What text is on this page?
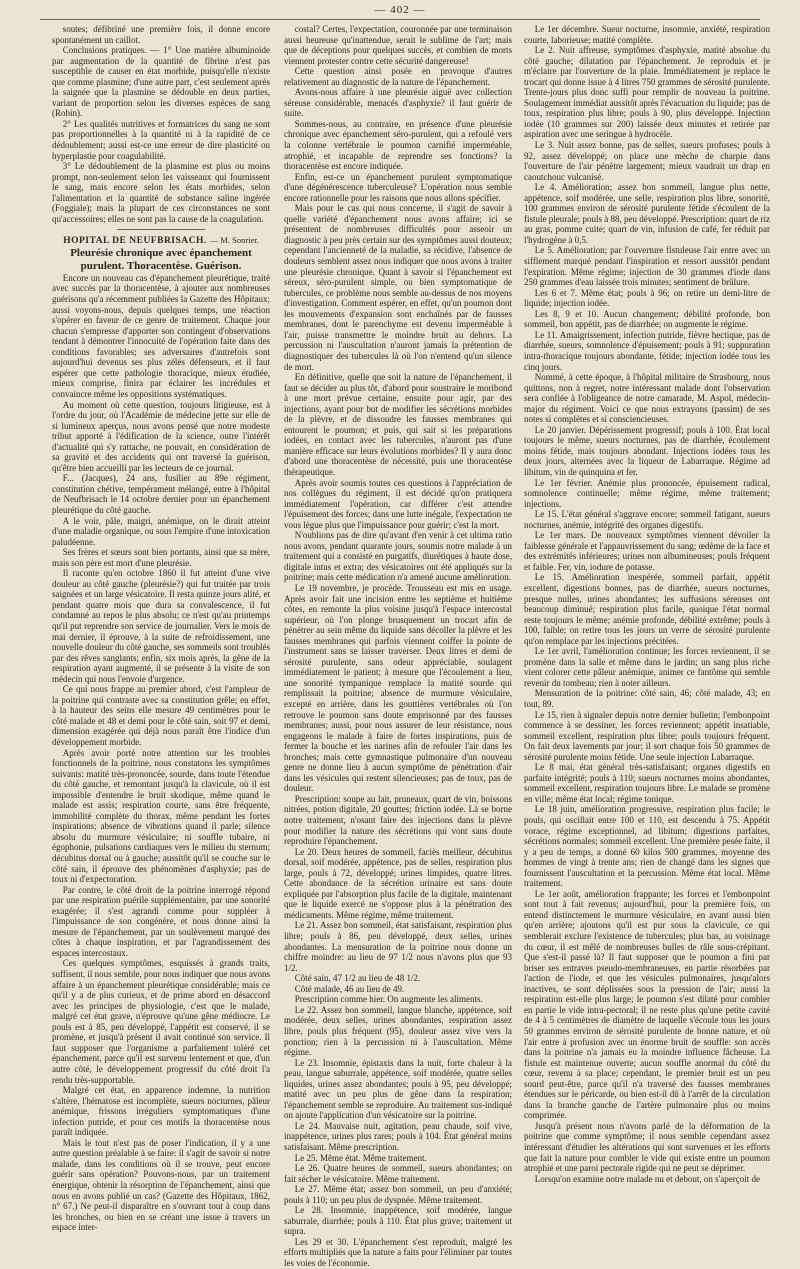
— 402 —

soutes; défibriné une première fois, il donne encore spontanément un caillot.

Conclusions pratiques. — 1° Une matière albuminoïde par augmentation de la quantité de fibrine n'est pas susceptible de causer en état morbide, puisqu'elle n'existe que comme plasmine; d'une autre part, c'est seulement après la saignée que la plasmine se dédouble en deux parties, variant de proportion selon les diverses espèces de sang (Robin).

2° Les qualités nutritives et formatrices du sang ne sont pas proportionnelles à la quantité ni à la rapidité de ce dédoublement; aussi est-ce une erreur de dire plasticité ou hyperplastie pour coagulabilité.

3° Le dédoublement de la plasmine est plus ou moins prompt, non-seulement selon les vaisseaux qui fournissent le sang, mais encore selon les états morbides, selon l'alimentation et la quantité de substance saline ingérée (Foggiale); mais la plupart de ces circonstances ne sont qu'accessoires; elles ne sont pas la cause de la coagulation.

HOPITAL DE NEUFBRISACH. — M. Sonrier.

Pleurésie chronique avec épanchement purulent. Thoracentèse. Guérison.

Encore un nouveau cas d'épanchement pleurétique, traité avec succès par la thoracentèse, à ajouter aux nombreuses guérisons qu'a récemment publiées la Gazette des Hôpitaux; aussi voyons-nous, depuis quelques temps, une réaction s'opérer en faveur de ce genre de traitement. Chaque jour chacun s'empresse d'apporter son contingent d'observations tendant à démontrer l'innocuité de l'opération faite dans des conditions favorables; ses adversaires d'autrefois sont aujourd'hui devenus ses plus zélés défenseurs, et il faut espérer que cette pathologie thoracique, mieux étudiée, mieux comprise, finira par éclairer les incrédules et convaincre même les oppositions systématiques.

Au moment où cette question, toujours litigieuse, est à l'ordre du jour, où l'Académie de médecine jette sur elle de si lumineux aperçus, nous avons pensé que notre modeste tribut apporté à l'édification de la science, outre l'intérêt d'actualité qui s'y rattache, ne pouvait, en considération de sa gravité et des accidents qui ont traversé la guérison, qu'être bien accueilli par les lecteurs de ce journal.

F... (Jacques), 24 ans, fusilier au 89e régiment, constitution chétive, tempérament mélangé, entre à l'hôpital de Neufbrisach le 14 octobre dernier pour un épanchement pleurétique du côté gauche.

A le voir, pâle, maigri, anémique, on le dirait atteint d'une maladie organique, ou sous l'empire d'une intoxication paludéenne.

Ses frères et sœurs sont bien portants, ainsi que sa mère, mais son père est mort d'une pleurésie.

Il raconte qu'en octobre 1860 il fut atteint d'une vive douleur au côté gauche (pleurésie?) qui fut traitée par trois saignées et un large vésicatoire. Il resta quinze jours alité, et pendant quatre mois que dura sa convalescence, il fut condamné au repos le plus absolu; ce n'est qu'au printemps qu'il put reprendre son service de journalier. Vers le mois de mai dernier, il éprouve, à la suite de refroidissement, une nouvelle douleur du côté gauche, ses sommeils sont troublés par des rêves sanglants; enfin, six mois après, la gêne de la respiration ayant augmenté, il se présente à la visite de son médecin qui nous l'envoie d'urgence.

Ce qui nous frappe au premier abord, c'est l'ampleur de la poitrine qui contraste avec sa constitution grêle; en effet, à la hauteur des seins elle mesure 49 centimètres pour le côté malade et 48 et demi pour le côté sain, soit 97 et demi, dimension exagérée qui déjà nous paraît être l'indice d'un développement morbide.

Après avoir porté notre attention sur les troubles fonctionnels de la poitrine, nous constatons les symptômes suivants: matité très-prononcée, sourde, dans toute l'étendue du côté gauche, et remontant jusqu'à la clavicule, où il est impossible d'entendre le bruit skodique, même quand le malade est assis; respiration courte, sans être fréquente, immobilité complète du thorax, même pendant les fortes inspirations; absence de vibrations quand il parle; silence absolu du murmure vésiculaire; ni souffle tubaire, ni égophonie, pulsations cardiaques vers le milieu du sternum; décubitus dorsal ou à gauche; aussitôt qu'il se couche sur le côté sain, il éprouve des phénomènes d'asphyxie; pas de toux ni d'expectoration.

Par contre, le côté droit de la poitrine interrogé répond par une respiration puérile supplémentaire, par une sonorité exagérée; il s'est agrandi comme pour suppléer à l'impuissance de son congénère, et nous donne ainsi la mesure de l'épanchement, par un soulèvement marqué des côtes à chaque inspiration, et par l'agrandissement des espaces intercostaux.

Ces quelques symptômes, esquissés à grands traits, suffisent, il nous semble, pour nous indiquer que nous avons affaire à un épanchement pleurétique considérable; mais ce qu'il y a de plus curieux, et de prime abord en désaccord avec les principes de physiologie, c'est que le malade, malgré cet état grave, n'éprouve qu'une gêne médiocre. Le pouls est à 85, peu développé, l'appétit est conservé, il se promène, et jusqu'à présent il avait continué son service. Il faut supposer que l'organisme a parfaitement toléré cet épanchement, parce qu'il est survenu lentement et que, d'un autre côté, le développement progressif du côté droit l'a rendu très-supportable.

Malgré cet état, en apparence indemne, la nutrition s'altère, l'hématose est incomplète, sueurs nocturnes, pâleur anémique, frissons irréguliers symptomatiques d'une infection putride, et pour ces motifs la thoracentèse nous paraît indiquée.

Mais le tout n'est pas de poser l'indication, il y a une autre question préalable à se faire: il s'agit de savoir si notre malade, dans les conditions où il se trouve, peut encore guérir sans opération? Pouvons-nous, par un traitement énergique, obtenir la résorption de l'épanchement, ainsi que nous en avons publié un cas? (Gazette des Hôpitaux, 1862, n° 67.) Ne peut-il disparaître en s'ouvrant tout à coup dans les bronches, ou bien en se créant une issue à travers un espace inter-

costal? Certes, l'expectation, couronnée par une terminaison aussi heureuse qu'inattendue, serait le sublime de l'art; mais que de déceptions pour quelques succès, et combien de morts viennent protester contre cette sécurité dangereuse!

Cette question ainsi posée en provoque d'autres relativement au diagnostic de la nature de l'épanchement.

Avons-nous affaire à une pleurésie aiguë avec collection séreuse considérable, menacés d'asphyxie? il faut guérir de suite.

Sommes-nous, au contraire, en présence d'une pleurésie chronique avec épanchement séro-purulent, qui a refoulé vers la colonne vertébrale le poumon carnifié imperméable, atrophié, et incapable de reprendre ses fonctions? la thoracentèse est encore indiquée.

Enfin, est-ce un épanchement purulent symptomatique d'une dégénérescence tuberculeuse? L'opération nous semble encore rationnelle pour les raisons que nous allons spécifier.

Mais pour le cas qui nous concerne, il s'agit de savoir à quelle variété d'épanchement nous avons affaire; ici se présentent de nombreuses difficultés pour asseoir un diagnostic à peu près certain sur des symptômes aussi douteux; cependant l'ancienneté de la maladie, sa récidive, l'absence de douleurs semblent assez nous indiquer que nous avons à traiter une pleurésie chronique. Quant à savoir si l'épanchement est séreux, séro-purulent simple, ou bien symptomatique de tubercules, ce problème nous semble au-dessus de nos moyens d'investigation. Comment espérer, en effet, qu'un poumon dont les mouvements d'expansion sont enchaînés par de fausses membranes, dont le parenchyme est devenu imperméable à l'air, puisse transmettre le moindre bruit au dehors. La percussion ni l'auscultation n'auront jamais la prétention de diagnostiquer des tubercules là où l'on n'entend qu'un silence de mort.

En définitive, quelle que soit la nature de l'épanchement, il faut se décider au plus tôt, d'abord pour soustraire le moribond à une mort prévue certaine, ensuite pour agir, par des injections, ayant pour but de modifier les sécrétions morbides de la plèvre, et de dissoudre les fausses membranes qui entourent le poumon; et puis, qui sait si les préparations iodées, en contact avec les tubercules, n'auront pas d'une manière efficace sur leurs évolutions morbides? Il y aura donc d'abord une thoracentèse de nécessité, puis une thoracentèse thérapeutique.

Après avoir soumis toutes ces questions à l'appréciation de nos collègues du régiment, il est décidé qu'on pratiquera immédiatement l'opération, car différer c'est attendre l'épuisement des forces; dans une lutte inégale, l'expectation ne vous lègue plus que l'impuissance pour guérir; c'est la mort.

N'oublions pas de dire qu'avant d'en venir à cet ultima ratio nous avons, pendant quarante jours, soumis notre malade à un traitement qui a consisté en purgatifs, diurétiques à haute dose, digitale intus et extra; des vésicatoires ont été appliqués sur la poitrine; mais cette médication n'a amené aucune amélioration.

Le 19 novembre, je procède. Trousseau est mis en usage. Après avoir fait une incision entre les septième et huitième côtes, en remonte la plus voisine jusqu'à l'espace intercostal supérieur, où l'on plonge brusquement un trocart afin de pénétrer au sein même du liquide sans décoller la plèvre et les fausses membranes qui parfois viennent coiffer la pointe de l'instrument sans se laisser traverser. Deux litres et demi de sérosité purulente, sans odeur appréciable, soulagent immédiatement le patient; à mesure que l'écoulement a lieu, une sonorité tympanique remplace la matité sourde qui remplissait la poitrine; absence de murmure vésiculaire, excepté en arrière, dans les gouttières vertébrales où l'on retrouve le poumon sans doute emprisonné par des fausses membranes; aussi, pour nous assurer de leur résistance, nous engageons le malade à faire de fortes inspirations, puis de fermer la bouche et les narines afin de refouler l'air dans les bronches; mais cette gymnastique pulmonaire d'un nouveau genre ne donne lieu à aucun symptôme de pénétration d'air dans les vésicules qui restent silencieuses; pas de toux, pas de douleur.

Prescription: soupe au lait, pruneaux, quart de vin, boissons nitrées, potion digitale, 20 gouttes; friction iodée. Là se borne notre traitement, n'osant faire des injections dans la plèvre pour modifier la nature des sécrétions qui vont sans doute reproduire l'épanchement.

Le 20. Deux heures de sommeil, faciès meilleur, décubitus dorsal, soif modérée, appétence, pas de selles, respiration plus large, pouls à 72, développé; urines limpides, quatre litres. Cette abondance de la sécrétion urinaire est sans doute expliquée par l'absorption plus facile de la digitale, maintenant que le liquide exercé ne s'oppose plus à la pénétration des médicaments. Même régime, même traitement.

Le 21. Assez bon sommeil, état satisfaisant, respiration plus libre; pouls à 86, peu développé, deux selles, urines abondantes. La mensuration de la poitrine nous donne un chiffre moindre: au lieu de 97 1/2 nous n'avons plus que 93 1/2.

Côté sain, 47 1/2 au lieu de 48 1/2.

Côté malade, 46 au lieu de 49.

Prescription comme hier. On augmente les aliments.

Le 22. Assez bon sommeil, langue blanche, appétence, soif modérée, deux selles, urines abondantes, respiration assez libre, pouls plus fréquent (95), douleur assez vive vers la ponction; rien à la percussion ni à l'auscultation. Même régime.

Le 23. Insomnie, épistaxis dans la nuit, forte chaleur à la peau, langue saburrale, appétence, soif modérée, quatre selles liquides, urines assez abondantes; pouls à 95, peu développé; matité avec un peu plus de gêne dans la respiration; l'épanchement semble se reproduire. Au traitement sus-indiqué on ajoute l'application d'un vésicatoire sur la poitrine.

Le 24. Mauvaise nuit, agitation, peau chaude, soif vive, inappétence, urines plus rares; pouls à 104. État général moins satisfaisant. Même prescription.

Le 25. Même état. Même traitement.

Le 26. Quatre heures de sommeil, sueurs abondantes; on fait sécher le vésicatoire. Même traitement.

Le 27. Même état; assez bon sommeil, un peu d'anxiété; pouls à 110; un peu plus de dyspnée. Même traitement.

Le 28. Insomnie, inappétence, soif modérée, langue saburrale, diarrhée; pouls à 110. État plus grave; traitement ut supra.

Les 29 et 30. L'épanchement s'est reproduit, malgré les efforts multipliés que la nature a faits pour l'éliminer par toutes les voies de l'économie.

Le 1er décembre. Sueur nocturne, insomnie, anxiété, respiration courte, laborieuse; matité complète.

Le 2. Nuit affreuse, symptômes d'asphyxie, matité absolue du côté gauche; dilatation par l'épanchement. Je reproduis et je m'éclaire par l'ouverture de la plaie. Immédiatement je replace le trocart qui donne issue à 4 litres 750 grammes de sérosité purulente. Trente-jours plus donc suffi pour remplir de nouveau la poitrine. Soulagement immédiat aussitôt après l'évacuation du liquide; pas de toux, respiration plus libre; pouls à 90, plus développé. Injection iodée (10 grammes sur 200) laissée deux minutes et retirée par aspiration avec une seringue à hydrocèle.

Le 3. Nuit assez bonne, pas de selles, sueurs profuses; pouls à 92, assez développé; on place une mèche de charpie dans l'ouverture de l'air pénètre largement; mieux vaudrait un drap en caoutchouc vulcanisé.

Le 4. Amélioration; assez bon sommeil, langue plus nette, appétence, soif modérée, une selle, respiration plus libre, sonorité, 100 grammes environ de sérosité purulente fétide s'écoulent de la fistule pleurale; pouls à 88, peu développé. Prescription: quart de riz au gras, pomme cuite; quart de vin, infusion de café, fer réduit par l'hydrogène à 0,5.

Le 5. Amélioration; par l'ouverture fistuleuse l'air entre avec un sifflement marqué pendant l'inspiration et ressort aussitôt pendant l'expiration. Même régime; injection de 30 grammes d'iode dans 250 grammes d'eau laissée trois minutes; sentiment de brûlure.

Les 6 et 7. Même état; pouls à 96; on retire un demi-litre de liquide; injection iodée.

Les 8, 9 et 10. Aucun changement; débilité profonde, bon sommeil, bon appétit, pas de diarrhée; on augmente le régime.

Le 11. Amaigrissement, infection putride, fièvre hectique, pas de diarrhée, sueurs, somnolence d'épuisement; pouls à 91; suppuration intra-thoracique toujours abondante, fétide; injection iodée tous les cinq jours.

Nommé, à cette époque, à l'hôpital militaire de Strasbourg, nous quittons, non à regret, notre intéressant malade dont l'observation sera confiée à l'obligeance de notre camarade, M. Aspol, médecin-major du régiment. Voici ce que nous extrayons (passim) de ses notes si complètes et si consciencieuses.

Le 20 janvier. Dépérissement progressif; pouls à 100. État local toujours le même, sueurs nocturnes, pas de diarrhée, écoulement moins fétide, mais toujours abondant. Injections iodées tous les deux jours, alternées avec la liqueur de Labarraque. Régime ad libitum, vin de quinquina et fer.

Le 1er février. Anémie plus prononcée, épuisement radical, somnolence continuelle; même régime, même traitement; injections.

Le 15. L'état général s'aggrave encore; sommeil fatigant, sueurs nocturnes, anémie, intégrité des organes digestifs.

Le 1er mars. De nouveaux symptômes viennent dévoiler la faiblesse générale et l'appauvrissement du sang; œdème de la face et des extrémités inférieures; urines non albumineuses; pouls fréquent et faible. Fer, vin, iodure de potasse.

Le 15. Amélioration inespérée, sommeil parfait, appétit excellent, digestions bonnes, pas de diarrhée, sueurs nocturnes, presque nulles, urines abondantes; les suffusions séreuses ont beaucoup diminué; respiration plus facile, quoique l'état normal reste toujours le même; anémie profonde, débilité extrême; pouls à 100, faible; on retire tous les jours un verre de sérosité purulente qu'on remplace par les injections précitées.

Le 1er avril, l'amélioration continue; les forces reviennent, il se promène dans la salle et même dans le jardin; un sang plus riche vient colorer cette pâleur anémique, animer ce fantôme qui semble revenir du tombeau; rien à noter ailleurs.

Mensuration de la poitrine: côté sain, 46; côté malade, 43; en tout, 89.

Le 15, rien à signaler depuis notre dernier bulletin; l'embonpoint commence à se dessiner, les forces reviennent; appétit insatiable, sommeil excellent, respiration plus libre; pouls toujours fréquent. On fait deux lavements par jour; il sort chaque fois 50 grammes de sérosité purulente moins fétide. Une seule injection Labarraque.

Le 8 mai, état général très-satisfaisant; organes digestifs en parfaite intégrité; pouls à 110; sueurs nocturnes moins abondantes, sommeil excellent, respiration toujours libre. Le malade se promène en ville; même état local; régime tonique.

Le 18 juin, amélioration progressive, respiration plus facile; le pouls, qui oscillait entre 100 et 110, est descendu à 75. Appétit vorace, régime exceptionnel, ad libitum; digestions parfaites, sécrétions normales; sommeil excellent. Une première pesée faite, il y a peu de temps, a donné 60 kilos 500 grammes, moyenne des hommes de vingt à trente ans; rien de changé dans les signes que fournissent l'auscultation et la percussion. Même état local. Même traitement.

Le 1er août, amélioration frappante; les forces et l'embonpoint sont tout à fait revenus; aujourd'hui, pour la première fois, on entend distinctement le murmure vésiculaire, en avant aussi bien qu'en arrière; ajoutons qu'il est pur sous la clavicule, ce qui semblerait exclure l'existence de tubercules; plus bas, au voisinage du cœur, il est mêlé de nombreuses bulles de râle sous-crépitant. Que s'est-il passé là? Il faut supposer que le poumon a fini par briser ses entraves pseudo-membraneuses, en partie résorbées par l'action de l'iode, et que les vésicules pulmonaires, jusqu'alors inactives, se sont déplissées sous la pression de l'air; aussi la respiration est-elle plus large; le poumon s'est dilaté pour combler en partie le vide intra-pectoral; il ne reste plus qu'une petite cavité de 4 à 5 centimètres de diamètre de laquelle s'écoule tous les jours 50 grammes environ de sérosité purulente de bonne nature, et où l'air entre à profusion avec un énorme bruit de souffle: son accès dans la poitrine n'a jamais eu la moindre influence fâcheuse. La fistule est maintenue ouverte; aucun souffle anormal du côté du cœur, revenu à sa place; cependant, le premier bruit est un peu sourd peut-être, parce qu'il n'a traversé des fausses membranes étendues sur le péricarde, ou bien est-il dû à l'arrêt de la circulation dans la branche gauche de l'artère pulmonaire plus ou moins comprimée.

Jusqu'à présent nous n'avons parlé de la déformation de la poitrine que comme symptôme; il nous semble cependant assez intéressant d'étudier les altérations qui sont survenues et les efforts que fait la nature pour combler le vide qui existe entre un poumon atrophié et une paroi pectorale rigide qui ne peut se déprimer.

Lorsqu'on examine notre malade nu et debout, on s'aperçoit de
